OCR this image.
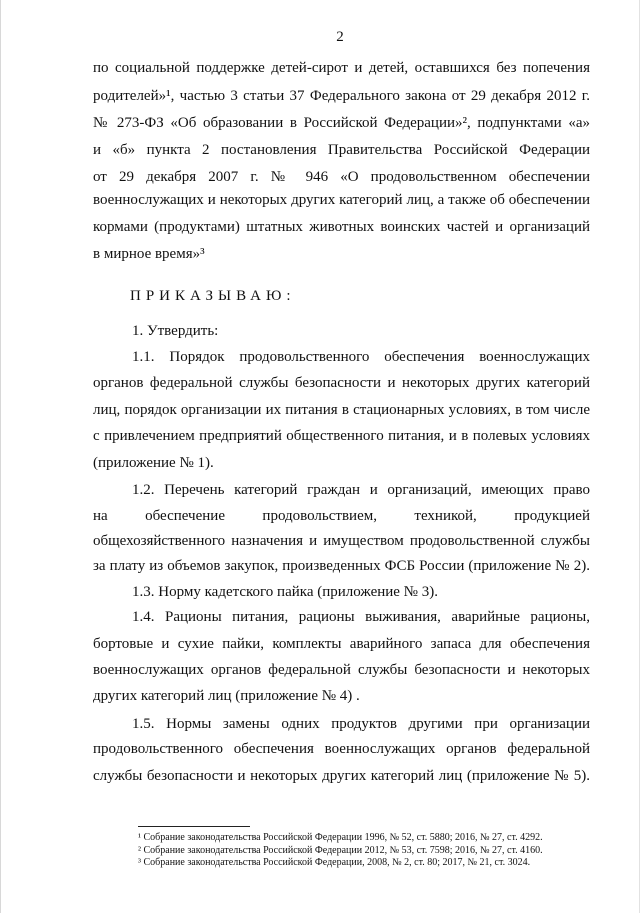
2
по социальной поддержке детей-сирот и детей, оставшихся без попечения
родителей»¹, частью 3 статьи 37 Федерального закона от 29 декабря 2012 г.
№ 273-ФЗ «Об образовании в Российской Федерации»², подпунктами «а»
и «б» пункта 2 постановления Правительства Российской Федерации
от 29 декабря 2007 г. № 946 «О продовольственном обеспечении
военнослужащих и некоторых других категорий лиц, а также об обеспечении
кормами (продуктами) штатных животных воинских частей и организаций
в мирное время»³
ПРИКАЗЫВАЮ:
1. Утвердить:
1.1. Порядок продовольственного обеспечения военнослужащих
органов федеральной службы безопасности и некоторых других категорий
лиц, порядок организации их питания в стационарных условиях, в том числе
с привлечением предприятий общественного питания, и в полевых условиях
(приложение № 1).
1.2. Перечень категорий граждан и организаций, имеющих право
на обеспечение продовольствием, техникой, продукцией
общехозяйственного назначения и имуществом продовольственной службы
за плату из объемов закупок, произведенных ФСБ России (приложение № 2).
1.3. Норму кадетского пайка (приложение № 3).
1.4. Рационы питания, рационы выживания, аварийные рационы,
бортовые и сухие пайки, комплекты аварийного запаса для обеспечения
военнослужащих органов федеральной службы безопасности и некоторых
других категорий лиц (приложение № 4) .
1.5. Нормы замены одних продуктов другими при организации
продовольственного обеспечения военнослужащих органов федеральной
службы безопасности и некоторых других категорий лиц (приложение № 5).
¹ Собрание законодательства Российской Федерации 1996, № 52, ст. 5880; 2016, № 27, ст. 4292.
² Собрание законодательства Российской Федерации 2012, № 53, ст. 7598; 2016, № 27, ст. 4160.
³ Собрание законодательства Российской Федерации, 2008, № 2, ст. 80; 2017, № 21, ст. 3024.
